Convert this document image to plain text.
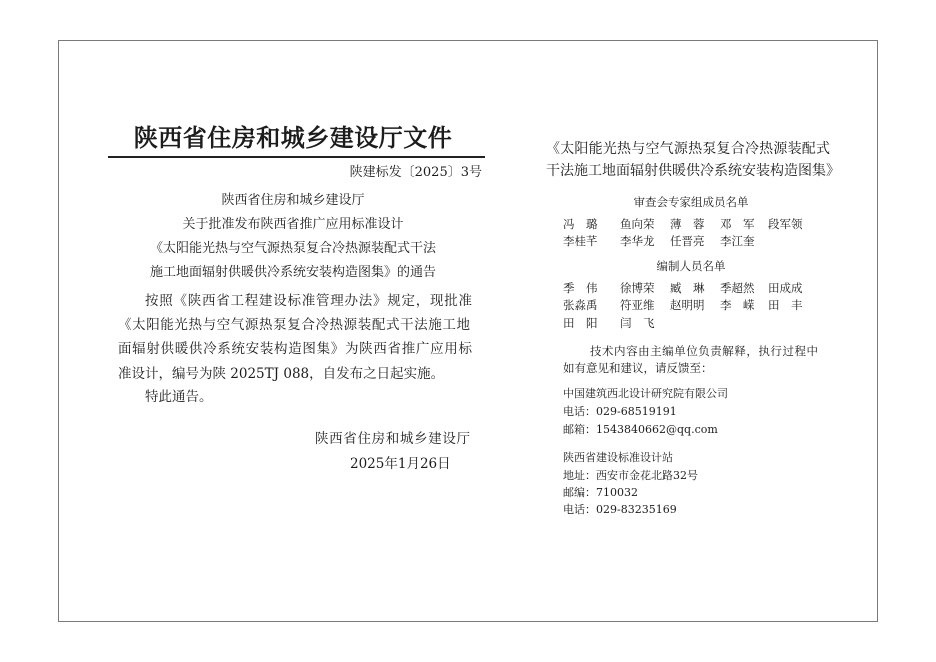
陕西省住房和城乡建设厅文件
陕建标发〔2025〕3号
陕西省住房和城乡建设厅
关于批准发布陕西省推广应用标准设计
《太阳能光热与空气源热泵复合冷热源装配式干法
施工地面辐射供暖供冷系统安装构造图集》的通告
按照《陕西省工程建设标准管理办法》规定，现批准
《太阳能光热与空气源热泵复合冷热源装配式干法施工地
面辐射供暖供冷系统安装构造图集》为陕西省推广应用标
准设计，编号为陕 2025TJ 088，自发布之日起实施。
特此通告。
陕西省住房和城乡建设厅
2025年1月26日
《太阳能光热与空气源热泵复合冷热源装配式
干法施工地面辐射供暖供冷系统安装构造图集》
审查会专家组成员名单
冯　璐	鱼向荣	薄　蓉	邓　军	段军领
李桂芊	李华龙	任晋亮	李江奎
编制人员名单
季　伟	徐博荣	臧　琳	季超然	田成成
张淼禹	符亚维	赵明明	李　嵘	田　丰
田　阳	闫　飞
技术内容由主编单位负责解释，执行过程中
如有意见和建议，请反馈至：
中国建筑西北设计研究院有限公司
电话：029-68519191
邮箱：1543840662@qq.com
陕西省建设标准设计站
地址：西安市金花北路32号
邮编：710032
电话：029-83235169
